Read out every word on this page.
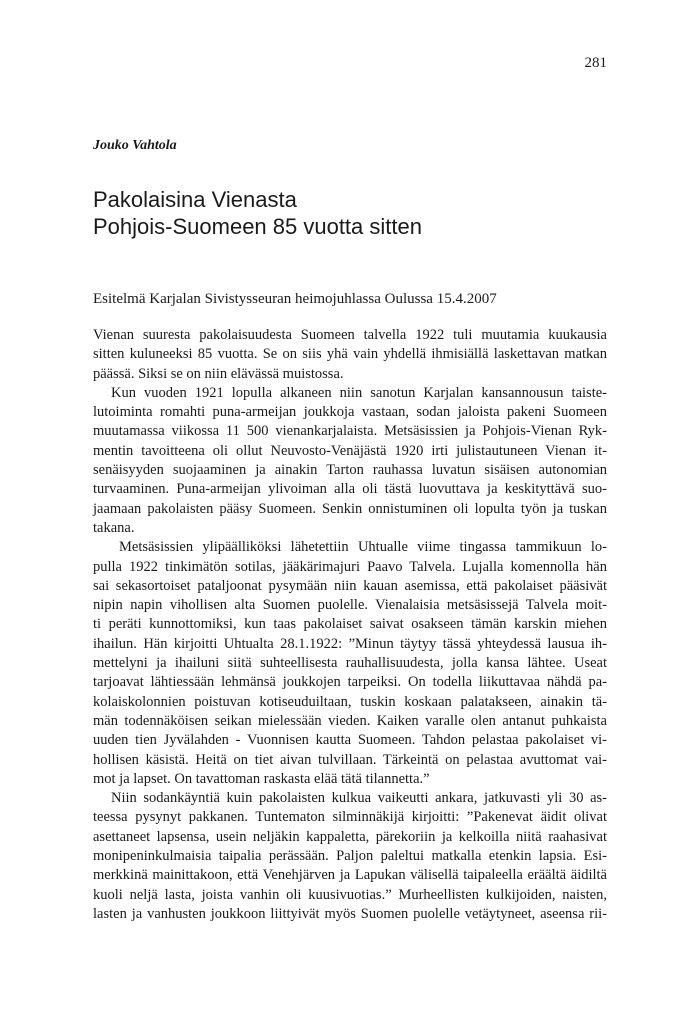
281

Jouko Vahtola

Pakolaisina Vienasta
Pohjois-Suomeen 85 vuotta sitten

Esitelmä Karjalan Sivistysseuran heimojuhlassa Oulussa 15.4.2007

Vienan suuresta pakolaisuudesta Suomeen talvella 1922 tuli muutamia kuukausia
sitten kuluneeksi 85 vuotta. Se on siis yhä vain yhdellä ihmisiällä laskettavan matkan
päässä. Siksi se on niin elävässä muistossa.
Kun vuoden 1921 lopulla alkaneen niin sanotun Karjalan kansannousun taiste-
lutoiminta romahti puna-armeijan joukkoja vastaan, sodan jaloista pakeni Suomeen
muutamassa viikossa 11 500 vienankarjalaista. Metsäsissien ja Pohjois-Vienan Ryk-
mentin tavoitteena oli ollut Neuvosto-Venäjästä 1920 irti julistautuneen Vienan it-
senäisyyden suojaaminen ja ainakin Tarton rauhassa luvatun sisäisen autonomian
turvaaminen. Puna-armeijan ylivoiman alla oli tästä luovuttava ja keskityttävä suo-
jaamaan pakolaisten pääsy Suomeen. Senkin onnistuminen oli lopulta työn ja tuskan
takana.
Metsäsissien ylipäälliköksi lähetettiin Uhtualle viime tingassa tammikuun lo-
pulla 1922 tinkimätön sotilas, jääkärimajuri Paavo Talvela. Lujalla komennolla hän
sai sekasortoiset pataljoonat pysymään niin kauan asemissa, että pakolaiset pääsivät
nipin napin vihollisen alta Suomen puolelle. Vienalaisia metsäsissejä Talvela moit-
ti peräti kunnottomiksi, kun taas pakolaiset saivat osakseen tämän karskin miehen
ihailun. Hän kirjoitti Uhtualta 28.1.1922: ”Minun täytyy tässä yhteydessä lausua ih-
mettelyni ja ihailuni siitä suhteellisesta rauhallisuudesta, jolla kansa lähtee. Useat
tarjoavat lähtiessään lehmänsä joukkojen tarpeiksi. On todella liikuttavaa nähdä pa-
kolaiskolonnien poistuvan kotiseuduiltaan, tuskin koskaan palatakseen, ainakin tä-
män todennäköisen seikan mielessään vieden. Kaiken varalle olen antanut puhkaista
uuden tien Jyvälahden - Vuonnisen kautta Suomeen. Tahdon pelastaa pakolaiset vi-
hollisen käsistä. Heitä on tiet aivan tulvillaan. Tärkeintä on pelastaa avuttomat vai-
mot ja lapset. On tavattoman raskasta elää tätä tilannetta.”
Niin sodankäyntiä kuin pakolaisten kulkua vaikeutti ankara, jatkuvasti yli 30 as-
teessa pysynyt pakkanen. Tuntematon silminnäkijä kirjoitti: ”Pakenevat äidit olivat
asettaneet lapsensa, usein neljäkin kappaletta, pärekoriin ja kelkoilla niitä raahasivat
monipeninkulmaisia taipalia perässään. Paljon paleltui matkalla etenkin lapsia. Esi-
merkkinä mainittakoon, että Venehjärven ja Lapukan välisellä taipaleella eräältä äidiltä
kuoli neljä lasta, joista vanhin oli kuusivuotias.” Murheellisten kulkijoiden, naisten,
lasten ja vanhusten joukkoon liittyivät myös Suomen puolelle vetäytyneet, aseensa rii-
